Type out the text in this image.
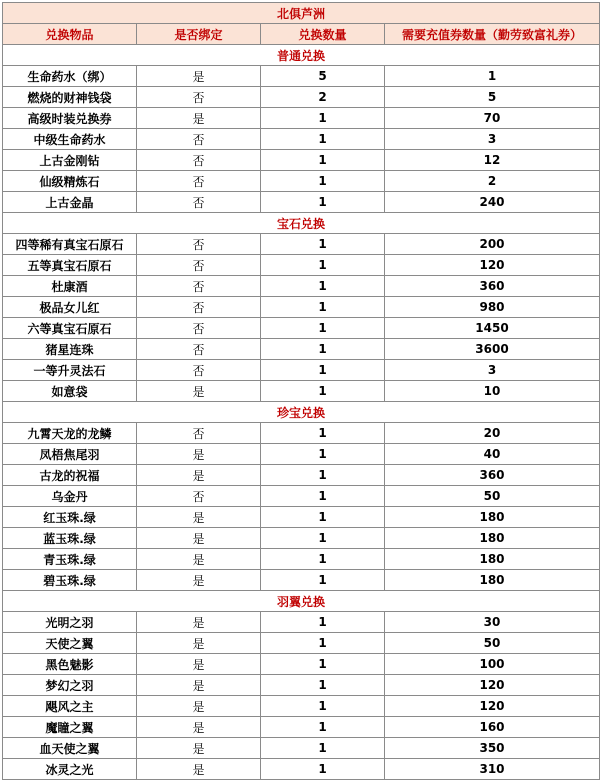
北俱芦洲			
兑换物品	是否绑定	兑换数量	需要充值券数量（勤劳致富礼券）
普通兑换			
生命药水（绑）	是	5	1
燃烧的财神钱袋	否	2	5
高级时装兑换券	是	1	70
中级生命药水	否	1	3
上古金刚钻	否	1	12
仙级精炼石	否	1	2
上古金晶	否	1	240
宝石兑换			
四等稀有真宝石原石	否	1	200
五等真宝石原石	否	1	120
杜康酒	否	1	360
极品女儿红	否	1	980
六等真宝石原石	否	1	1450
猪星连珠	否	1	3600
一等升灵法石	否	1	3
如意袋	是	1	10
珍宝兑换			
九霄天龙的龙鳞	否	1	20
凤梧焦尾羽	是	1	40
古龙的祝福	是	1	360
乌金丹	否	1	50
红玉珠.绿	是	1	180
蓝玉珠.绿	是	1	180
青玉珠.绿	是	1	180
碧玉珠.绿	是	1	180
羽翼兑换			
光明之羽	是	1	30
天使之翼	是	1	50
黑色魅影	是	1	100
梦幻之羽	是	1	120
飓风之主	是	1	120
魔瞳之翼	是	1	160
血天使之翼	是	1	350
冰灵之光	是	1	310
